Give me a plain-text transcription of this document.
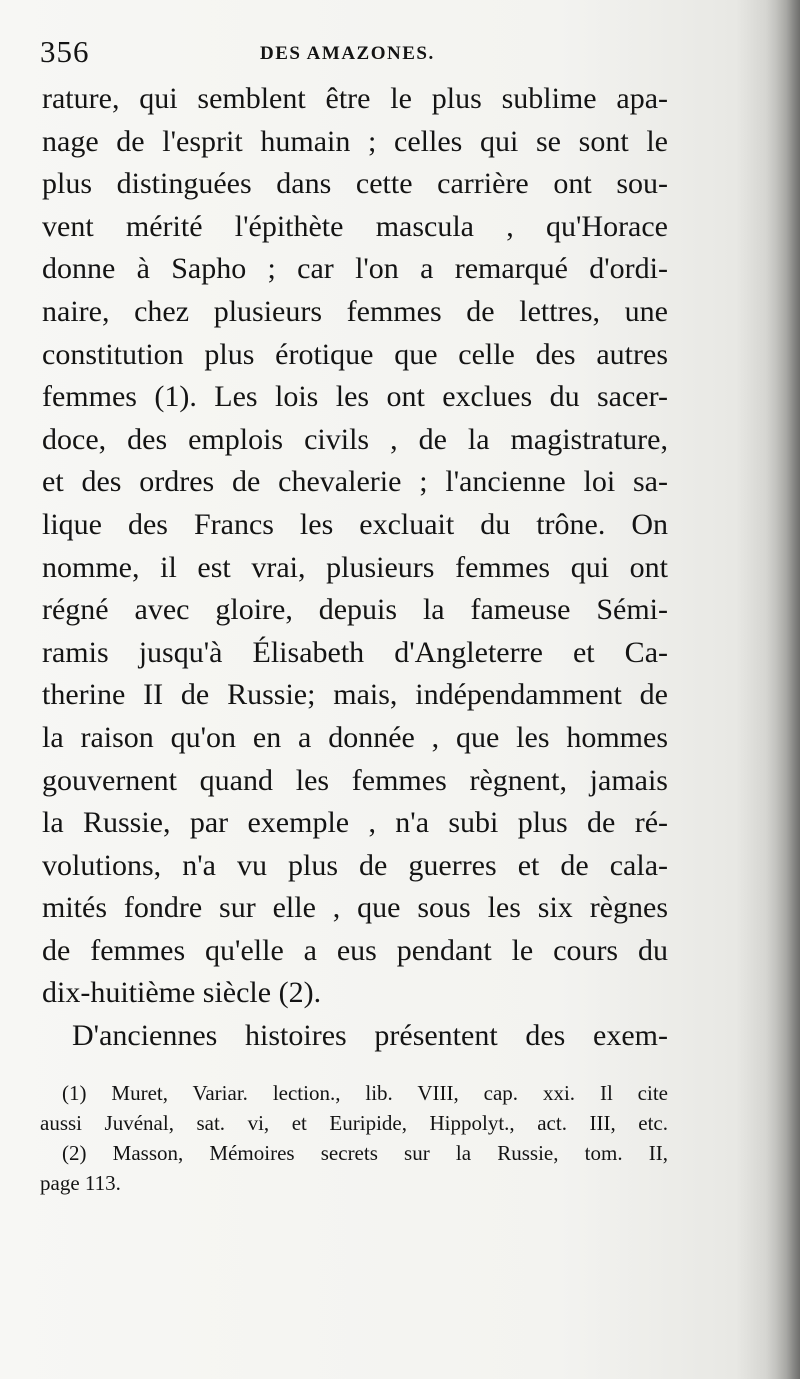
356	DES AMAZONES.
rature, qui semblent être le plus sublime apa-
nage de l'esprit humain ; celles qui se sont le
plus distinguées dans cette carrière ont sou-
vent mérité l'épithète mascula , qu'Horace
donne à Sapho ; car l'on a remarqué d'ordi-
naire, chez plusieurs femmes de lettres, une
constitution plus érotique que celle des autres
femmes (1). Les lois les ont exclues du sacer-
doce, des emplois civils , de la magistrature,
et des ordres de chevalerie ; l'ancienne loi sa-
lique des Francs les excluait du trône. On
nomme, il est vrai, plusieurs femmes qui ont
régné avec gloire, depuis la fameuse Sémi-
ramis jusqu'à Élisabeth d'Angleterre et Ca-
therine II de Russie; mais, indépendamment de
la raison qu'on en a donnée , que les hommes
gouvernent quand les femmes règnent, jamais
la Russie, par exemple , n'a subi plus de ré-
volutions, n'a vu plus de guerres et de cala-
mités fondre sur elle , que sous les six règnes
de femmes qu'elle a eus pendant le cours du
dix-huitième siècle (2).
D'anciennes histoires présentent des exem-
(1) Muret, Variar. lection., lib. VIII, cap. xxi. Il cite
aussi Juvénal, sat. vi, et Euripide, Hippolyt., act. III, etc.
(2) Masson, Mémoires secrets sur la Russie, tom. II,
page 113.
